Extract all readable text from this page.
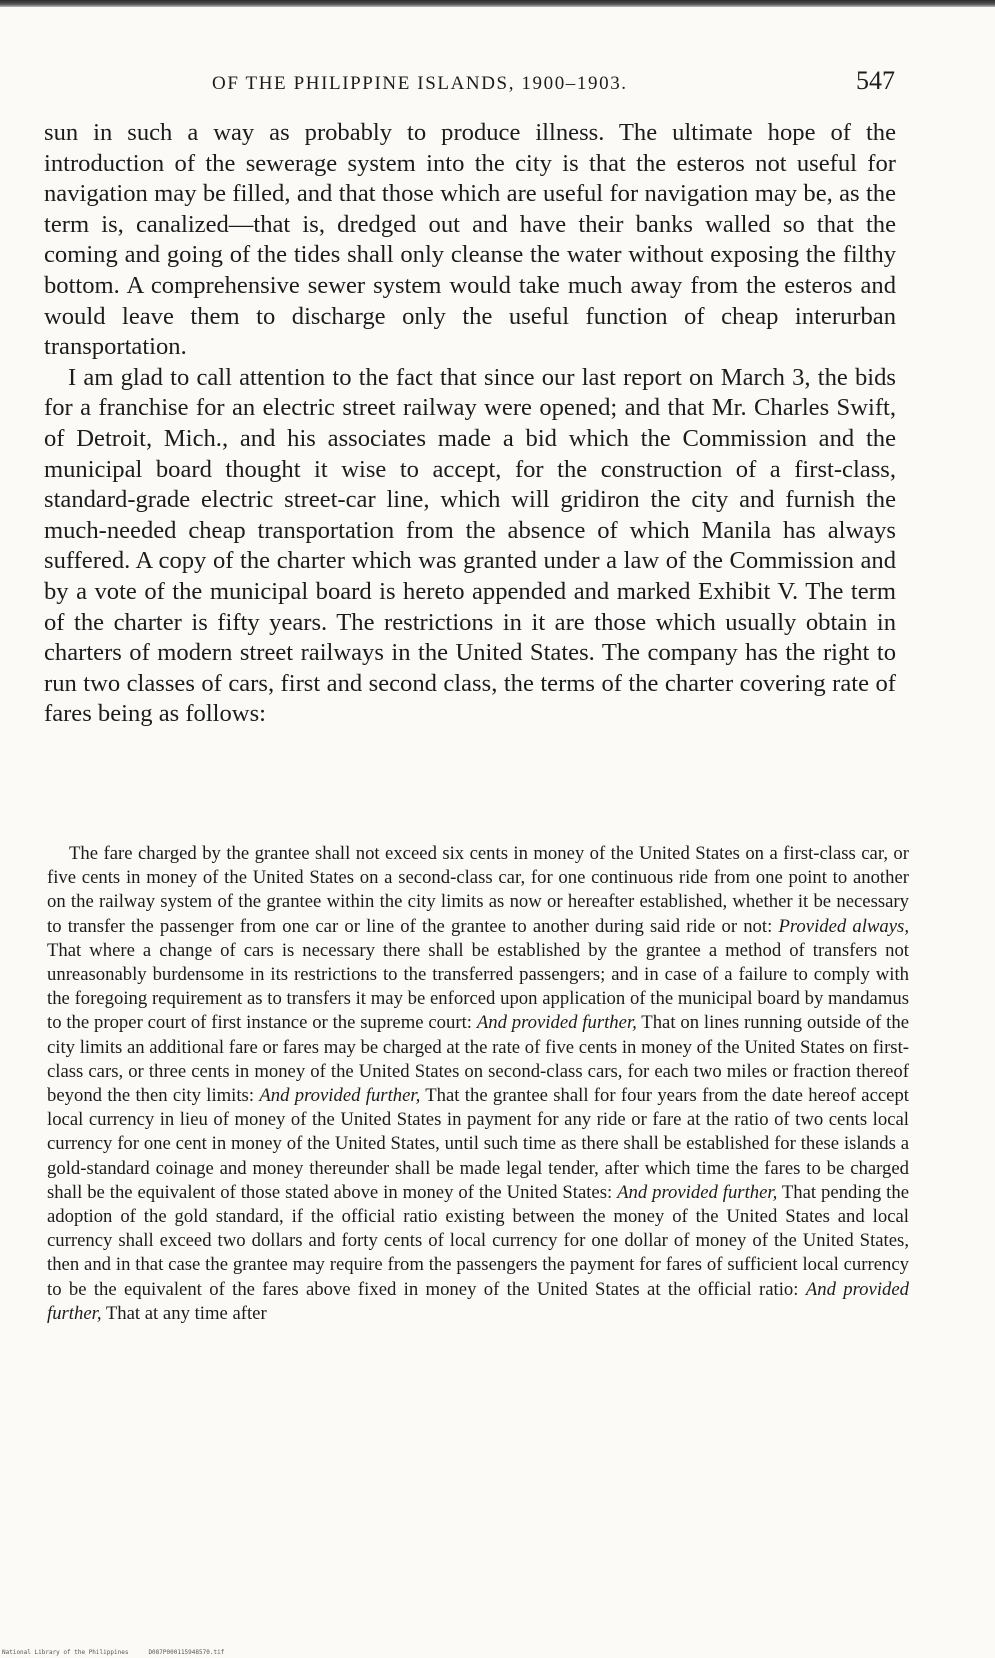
OF THE PHILIPPINE ISLANDS, 1900–1903.	547

sun in such a way as probably to produce illness. The ultimate hope of the introduction of the sewerage system into the city is that the esteros not useful for navigation may be filled, and that those which are useful for navigation may be, as the term is, canalized—that is, dredged out and have their banks walled so that the coming and going of the tides shall only cleanse the water without exposing the filthy bottom. A comprehensive sewer system would take much away from the esteros and would leave them to discharge only the useful function of cheap interurban transportation.

I am glad to call attention to the fact that since our last report on March 3, the bids for a franchise for an electric street railway were opened; and that Mr. Charles Swift, of Detroit, Mich., and his associates made a bid which the Commission and the municipal board thought it wise to accept, for the construction of a first-class, standard-grade electric street-car line, which will gridiron the city and furnish the much-needed cheap transportation from the absence of which Manila has always suffered. A copy of the charter which was granted under a law of the Commission and by a vote of the municipal board is hereto appended and marked Exhibit V. The term of the charter is fifty years. The restrictions in it are those which usually obtain in charters of modern street railways in the United States. The company has the right to run two classes of cars, first and second class, the terms of the charter covering rate of fares being as follows:

The fare charged by the grantee shall not exceed six cents in money of the United States on a first-class car, or five cents in money of the United States on a second-class car, for one continuous ride from one point to another on the railway system of the grantee within the city limits as now or hereafter established, whether it be necessary to transfer the passenger from one car or line of the grantee to another during said ride or not: Provided always, That where a change of cars is necessary there shall be established by the grantee a method of transfers not unreasonably burdensome in its restrictions to the transferred passengers; and in case of a failure to comply with the foregoing requirement as to transfers it may be enforced upon application of the municipal board by mandamus to the proper court of first instance or the supreme court: And provided further, That on lines running outside of the city limits an additional fare or fares may be charged at the rate of five cents in money of the United States on first-class cars, or three cents in money of the United States on second-class cars, for each two miles or fraction thereof beyond the then city limits: And provided further, That the grantee shall for four years from the date hereof accept local currency in lieu of money of the United States in payment for any ride or fare at the ratio of two cents local currency for one cent in money of the United States, until such time as there shall be established for these islands a gold-standard coinage and money thereunder shall be made legal tender, after which time the fares to be charged shall be the equivalent of those stated above in money of the United States: And provided further, That pending the adoption of the gold standard, if the official ratio existing between the money of the United States and local currency shall exceed two dollars and forty cents of local currency for one dollar of money of the United States, then and in that case the grantee may require from the passengers the payment for fares of sufficient local currency to be the equivalent of the fares above fixed in money of the United States at the official ratio: And provided further, That at any time after
National Library of the Philippines	D087P000115948570.tif
